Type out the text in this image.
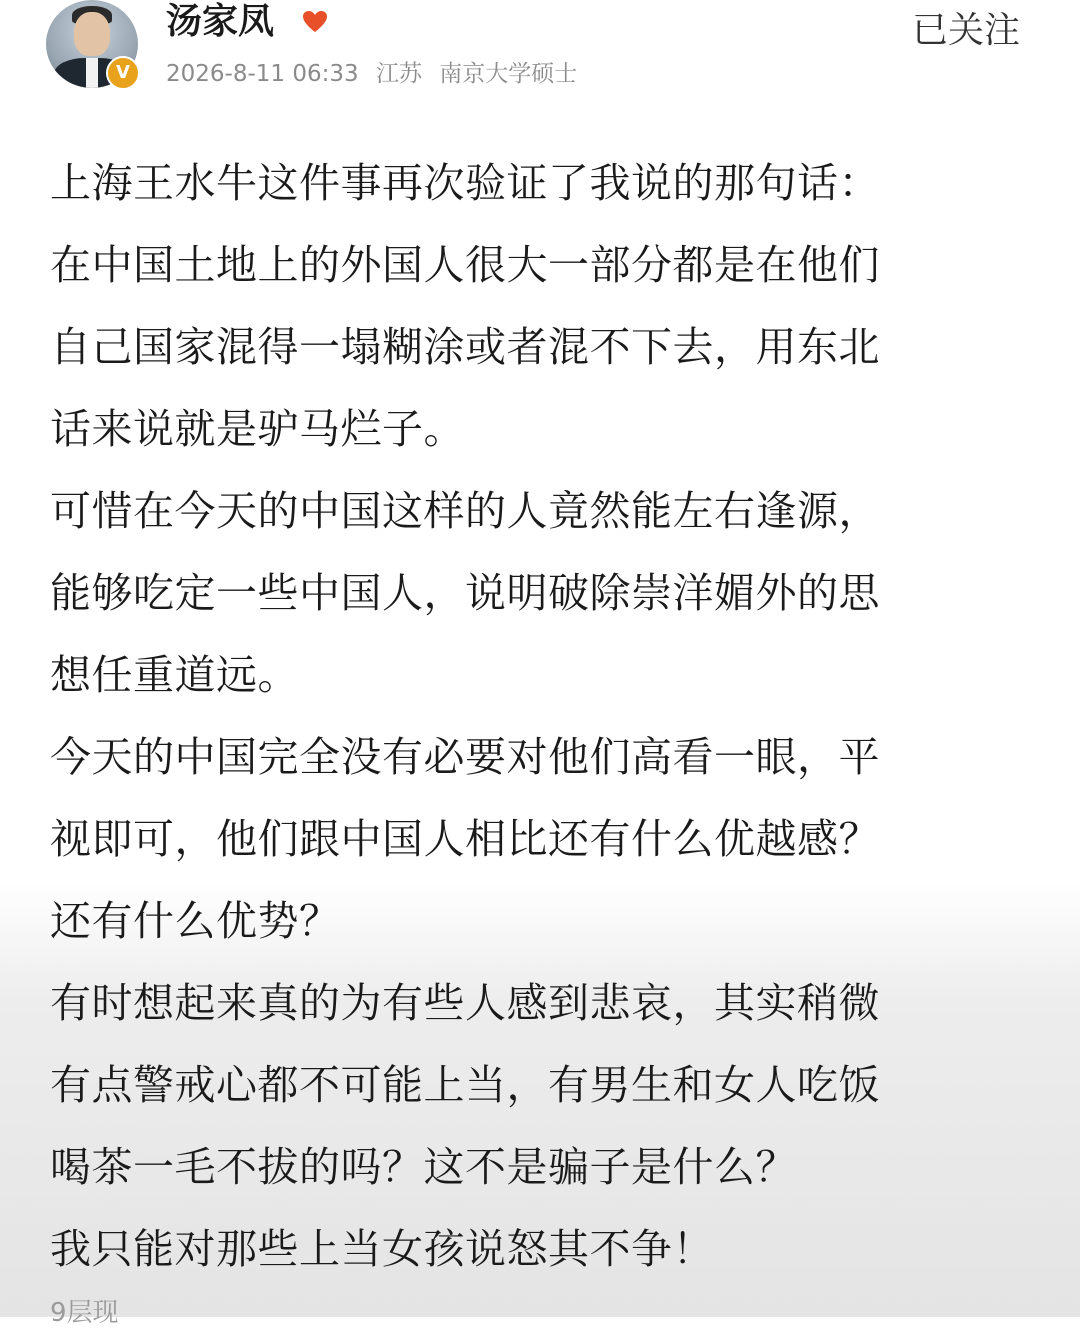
V
汤家凤
2026-8-11 06:33 江苏 南京大学硕士
已关注
上海王水牛这件事再次验证了我说的那句话：
在中国土地上的外国人很大一部分都是在他们
自己国家混得一塌糊涂或者混不下去，用东北
话来说就是驴马烂子。
可惜在今天的中国这样的人竟然能左右逢源，
能够吃定一些中国人，说明破除崇洋媚外的思
想任重道远。
今天的中国完全没有必要对他们高看一眼，平
视即可，他们跟中国人相比还有什么优越感？
还有什么优势？
有时想起来真的为有些人感到悲哀，其实稍微
有点警戒心都不可能上当，有男生和女人吃饭
喝茶一毛不拔的吗？这不是骗子是什么？
我只能对那些上当女孩说怒其不争！
9层现
